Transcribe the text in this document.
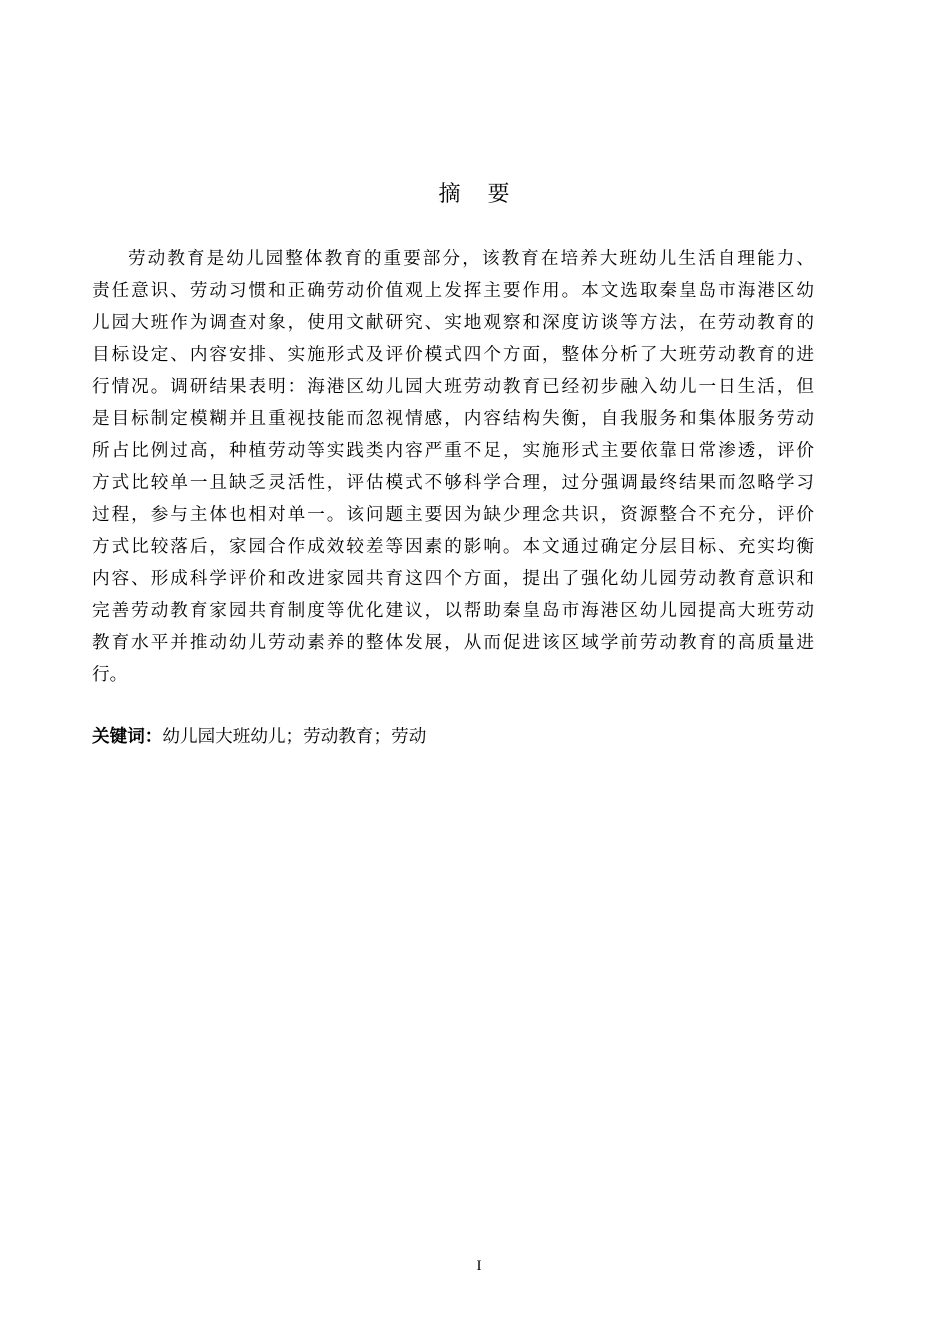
摘 要
劳动教育是幼儿园整体教育的重要部分，该教育在培养大班幼儿生活自理能力、
责任意识、劳动习惯和正确劳动价值观上发挥主要作用。本文选取秦皇岛市海港区幼
儿园大班作为调查对象，使用文献研究、实地观察和深度访谈等方法，在劳动教育的
目标设定、内容安排、实施形式及评价模式四个方面，整体分析了大班劳动教育的进
行情况。调研结果表明：海港区幼儿园大班劳动教育已经初步融入幼儿一日生活，但
是目标制定模糊并且重视技能而忽视情感，内容结构失衡，自我服务和集体服务劳动
所占比例过高，种植劳动等实践类内容严重不足，实施形式主要依靠日常渗透，评价
方式比较单一且缺乏灵活性，评估模式不够科学合理，过分强调最终结果而忽略学习
过程，参与主体也相对单一。该问题主要因为缺少理念共识，资源整合不充分，评价
方式比较落后，家园合作成效较差等因素的影响。本文通过确定分层目标、充实均衡
内容、形成科学评价和改进家园共育这四个方面，提出了强化幼儿园劳动教育意识和
完善劳动教育家园共育制度等优化建议，以帮助秦皇岛市海港区幼儿园提高大班劳动
教育水平并推动幼儿劳动素养的整体发展，从而促进该区域学前劳动教育的高质量进
行。
关键词：幼儿园大班幼儿；劳动教育；劳动
I
